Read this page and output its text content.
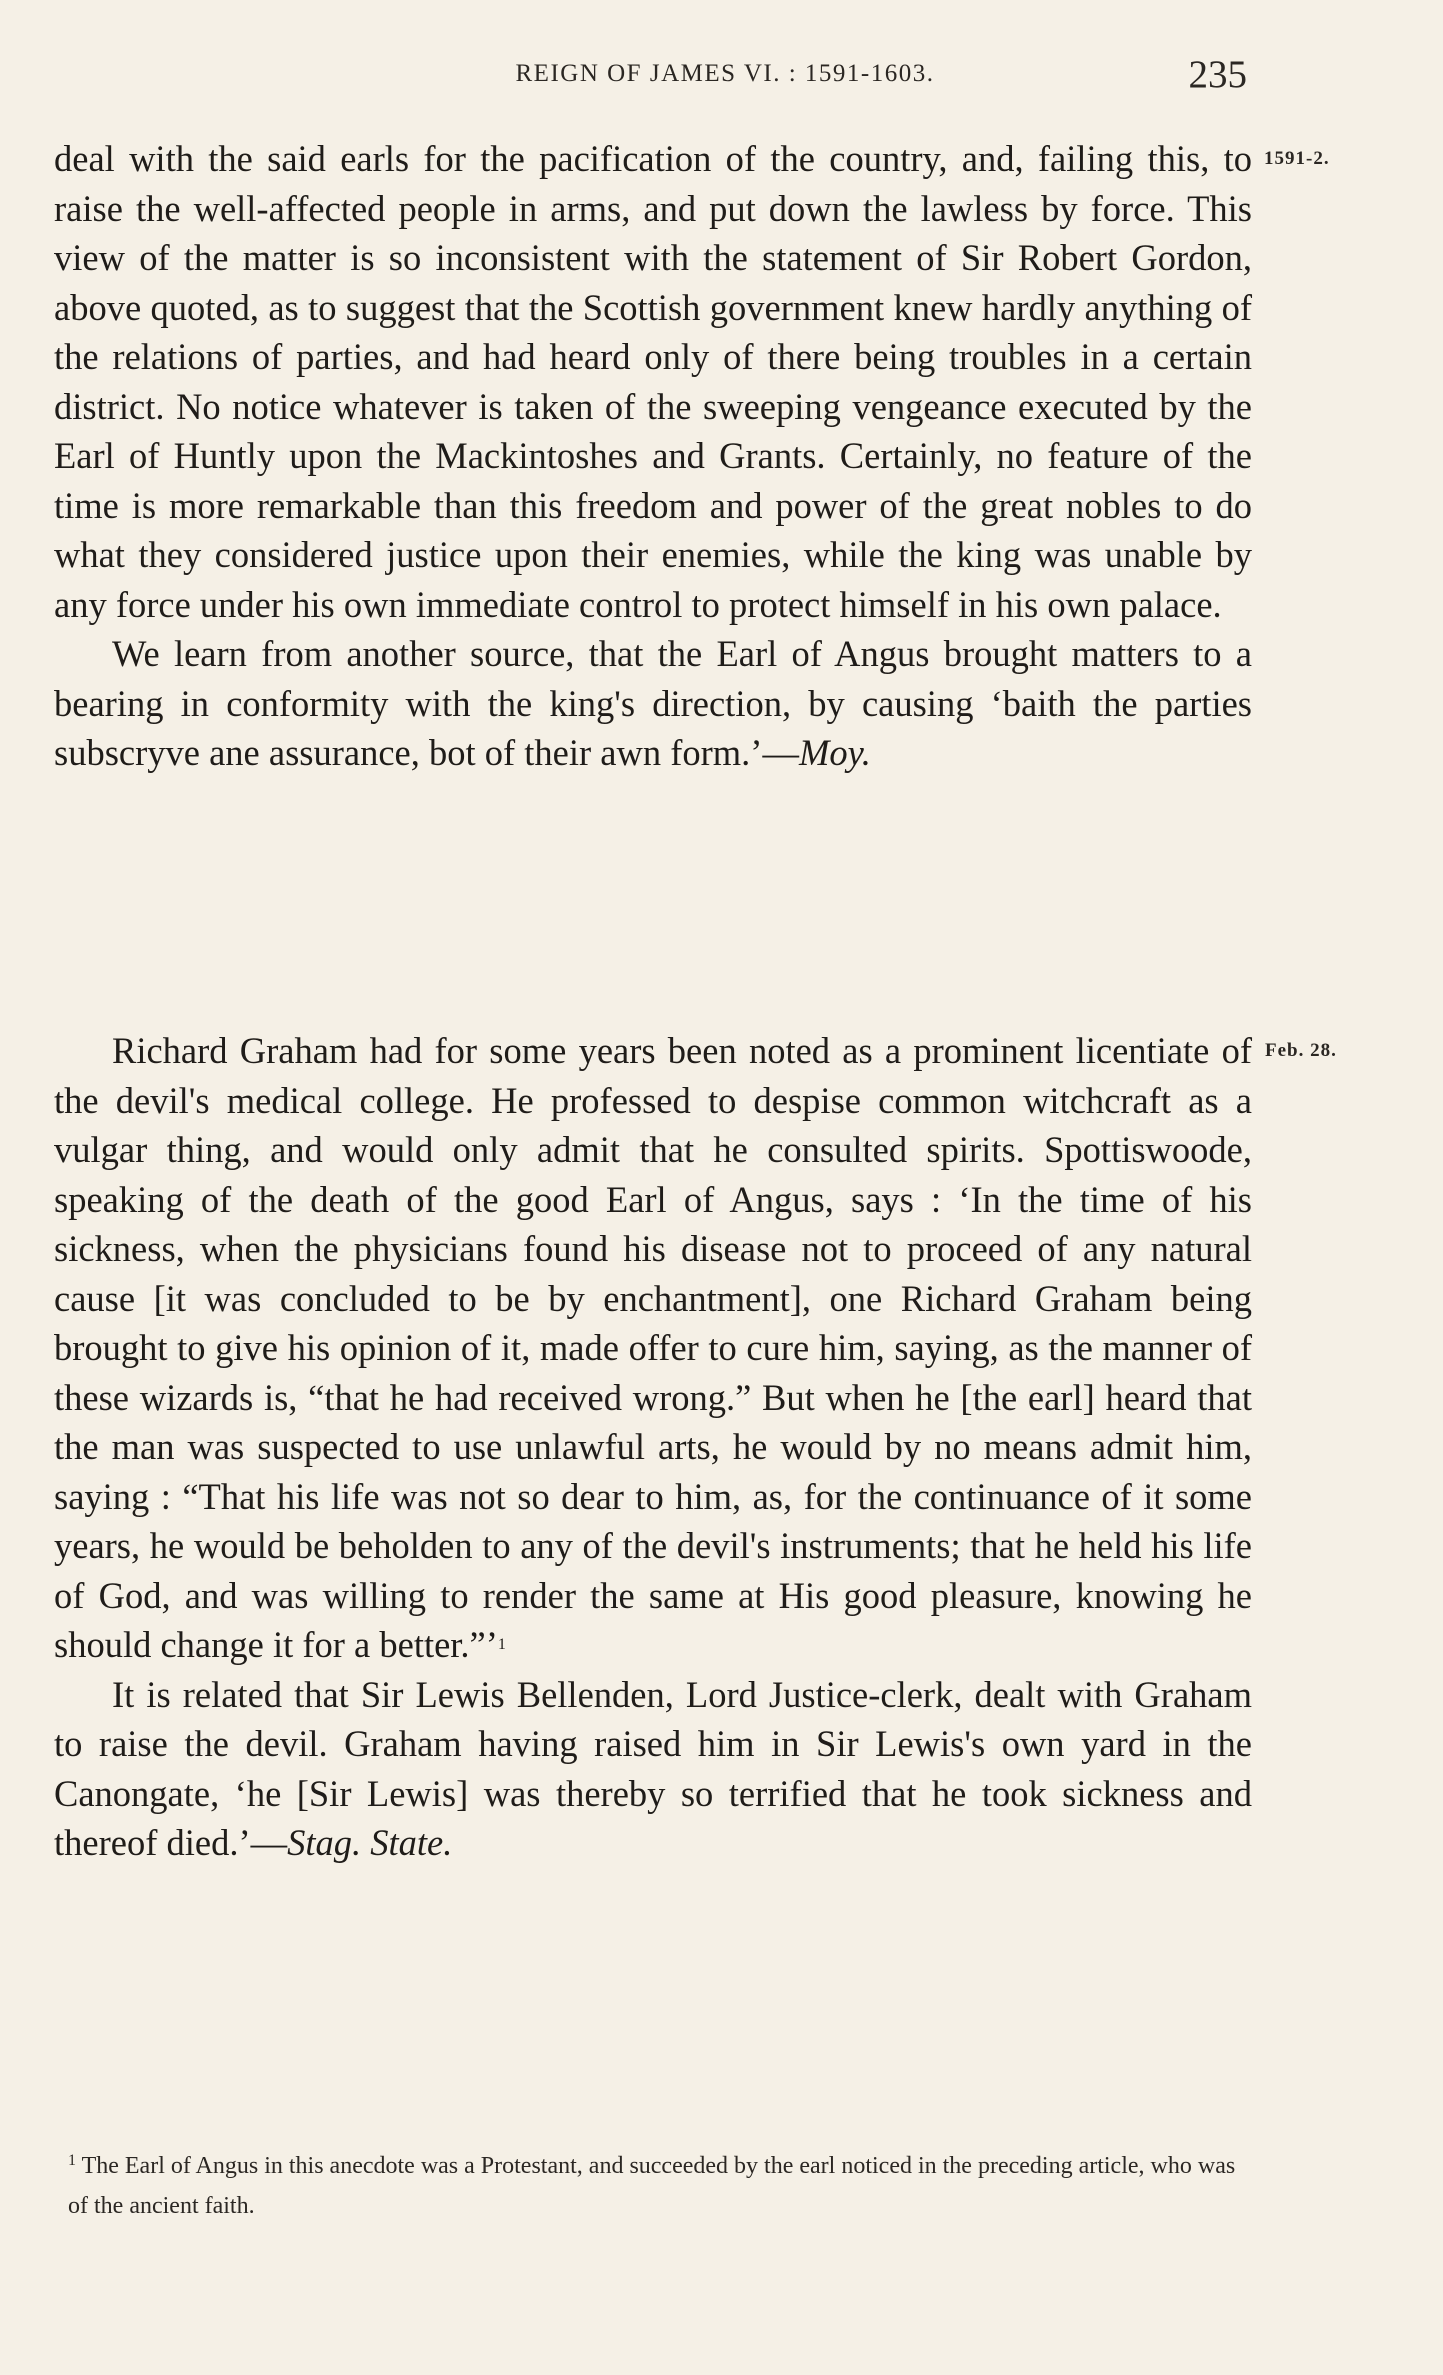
REIGN OF JAMES VI. : 1591-1603.	235
1591-2.

deal with the said earls for the pacification of the country, and, failing this, to raise the well-affected people in arms, and put down the lawless by force. This view of the matter is so inconsistent with the statement of Sir Robert Gordon, above quoted, as to suggest that the Scottish government knew hardly anything of the relations of parties, and had heard only of there being troubles in a certain district. No notice whatever is taken of the sweeping vengeance executed by the Earl of Huntly upon the Mackintoshes and Grants. Certainly, no feature of the time is more remarkable than this freedom and power of the great nobles to do what they considered justice upon their enemies, while the king was unable by any force under his own immediate control to protect himself in his own palace.

We learn from another source, that the Earl of Angus brought matters to a bearing in conformity with the king's direction, by causing ‘baith the parties subscryve ane assurance, bot of their awn form.’—Moy.

Feb. 28.

Richard Graham had for some years been noted as a prominent licentiate of the devil's medical college. He professed to despise common witchcraft as a vulgar thing, and would only admit that he consulted spirits. Spottiswoode, speaking of the death of the good Earl of Angus, says : ‘In the time of his sickness, when the physicians found his disease not to proceed of any natural cause [it was concluded to be by enchantment], one Richard Graham being brought to give his opinion of it, made offer to cure him, saying, as the manner of these wizards is, “that he had received wrong.” But when he [the earl] heard that the man was suspected to use unlawful arts, he would by no means admit him, saying : “That his life was not so dear to him, as, for the continuance of it some years, he would be beholden to any of the devil's instruments; that he held his life of God, and was willing to render the same at His good pleasure, knowing he should change it for a better.”’$^1$

It is related that Sir Lewis Bellenden, Lord Justice-clerk, dealt with Graham to raise the devil. Graham having raised him in Sir Lewis's own yard in the Canongate, ‘he [Sir Lewis] was thereby so terrified that he took sickness and thereof died.’—Stag. State.

$^1$ The Earl of Angus in this anecdote was a Protestant, and succeeded by the earl noticed in the preceding article, who was of the ancient faith.
